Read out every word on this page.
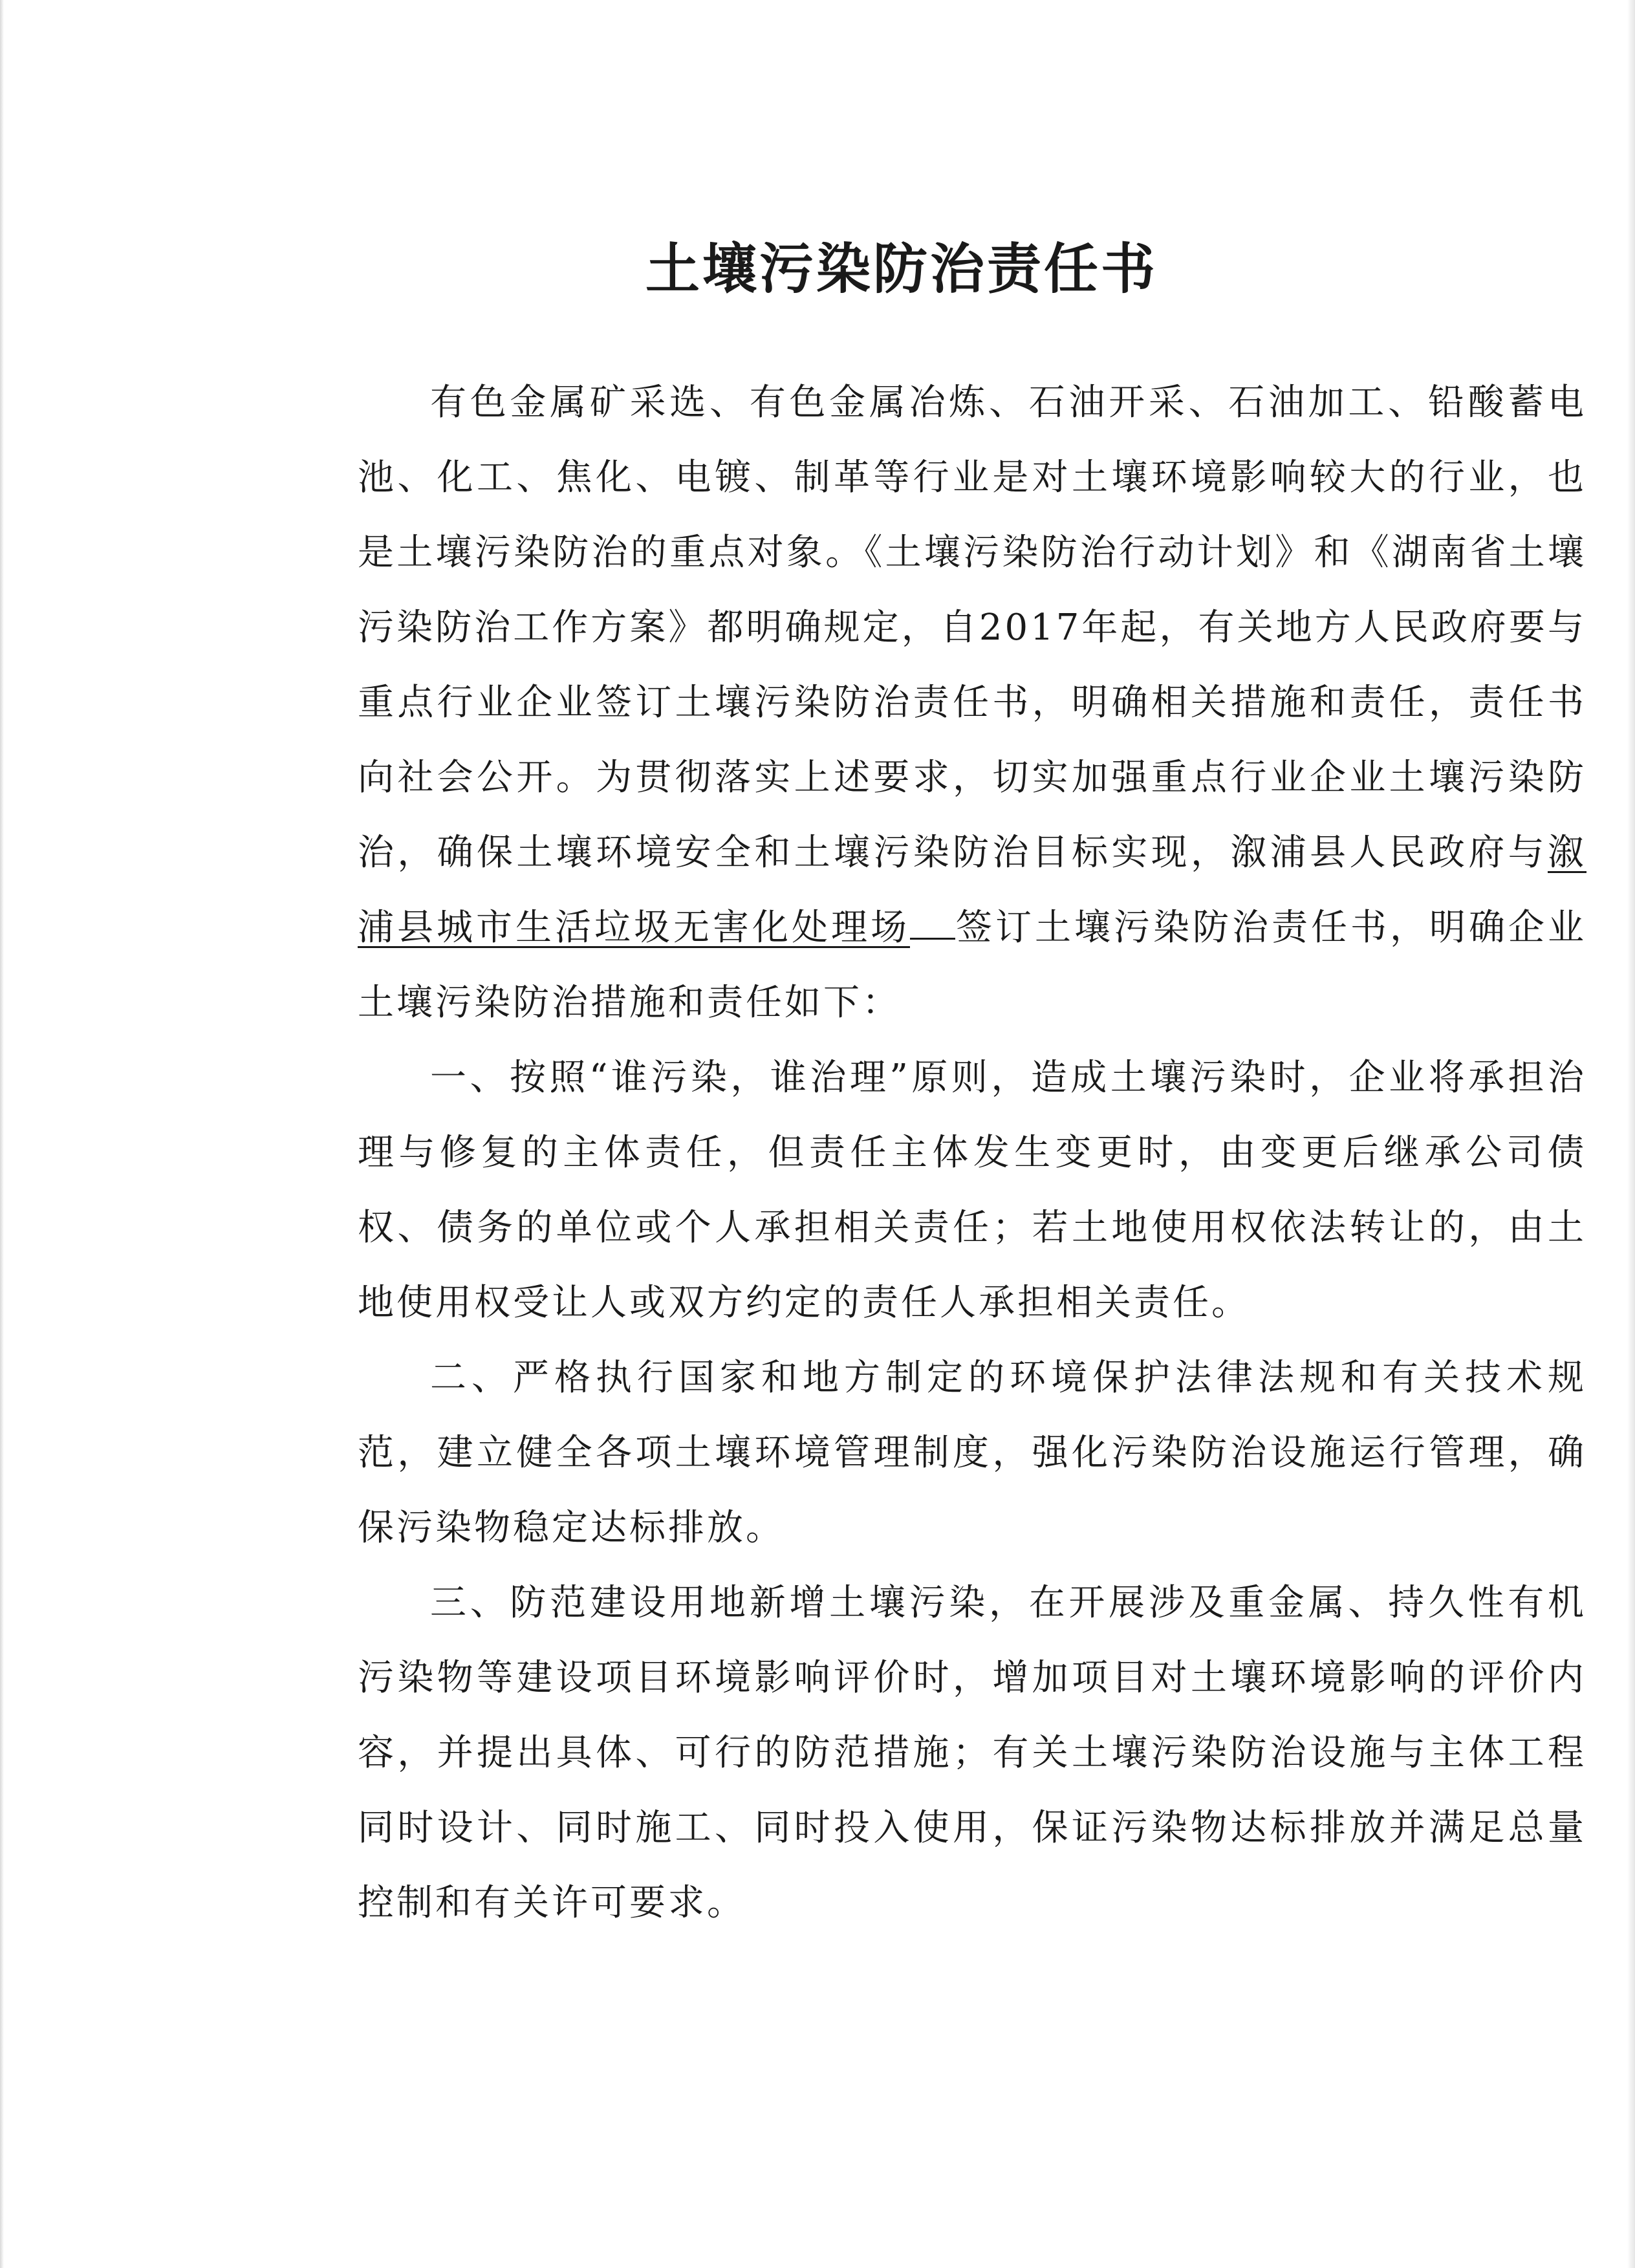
土壤污染防治责任书

有色金属矿采选、有色金属冶炼、石油开采、石油加工、铅酸蓄电池、化工、焦化、电镀、制革等行业是对土壤环境影响较大的行业，也是土壤污染防治的重点对象。《土壤污染防治行动计划》和《湖南省土壤污染防治工作方案》都明确规定，自2017年起，有关地方人民政府要与重点行业企业签订土壤污染防治责任书，明确相关措施和责任，责任书向社会公开。为贯彻落实上述要求，切实加强重点行业企业土壤污染防治，确保土壤环境安全和土壤污染防治目标实现，溆浦县人民政府与溆浦县城市生活垃圾无害化处理场 签订土壤污染防治责任书，明确企业土壤污染防治措施和责任如下：

一、按照“谁污染，谁治理”原则，造成土壤污染时，企业将承担治理与修复的主体责任，但责任主体发生变更时，由变更后继承公司债权、债务的单位或个人承担相关责任；若土地使用权依法转让的，由土地使用权受让人或双方约定的责任人承担相关责任。

二、严格执行国家和地方制定的环境保护法律法规和有关技术规范，建立健全各项土壤环境管理制度，强化污染防治设施运行管理，确保污染物稳定达标排放。

三、防范建设用地新增土壤污染，在开展涉及重金属、持久性有机污染物等建设项目环境影响评价时，增加项目对土壤环境影响的评价内容，并提出具体、可行的防范措施；有关土壤污染防治设施与主体工程同时设计、同时施工、同时投入使用，保证污染物达标排放并满足总量控制和有关许可要求。
